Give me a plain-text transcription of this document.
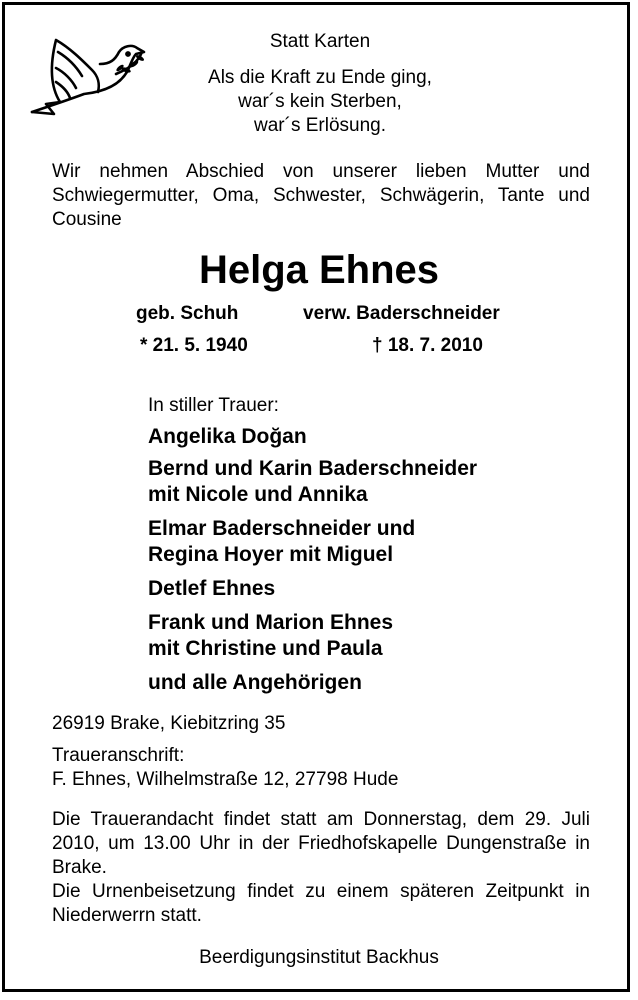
Statt Karten
Als die Kraft zu Ende ging,
war´s kein Sterben,
war´s Erlösung.
Wir nehmen Abschied von unserer lieben Mutter und Schwiegermutter, Oma, Schwester, Schwägerin, Tante und Cousine
Helga Ehnes
geb. Schuh	verw. Baderschneider
* 21. 5. 1940	† 18. 7. 2010
In stiller Trauer:
Angelika Doğan
Bernd und Karin Baderschneider
mit Nicole und Annika
Elmar Baderschneider und
Regina Hoyer mit Miguel
Detlef Ehnes
Frank und Marion Ehnes
mit Christine und Paula
und alle Angehörigen
26919 Brake, Kiebitzring 35
Traueranschrift:
F. Ehnes, Wilhelmstraße 12, 27798 Hude
Die Trauerandacht findet statt am Donnerstag, dem 29. Juli 2010, um 13.00 Uhr in der Friedhofskapelle Dungenstraße in Brake.
Die Urnenbeisetzung findet zu einem späteren Zeitpunkt in Niederwerrn statt.
Beerdigungsinstitut Backhus
